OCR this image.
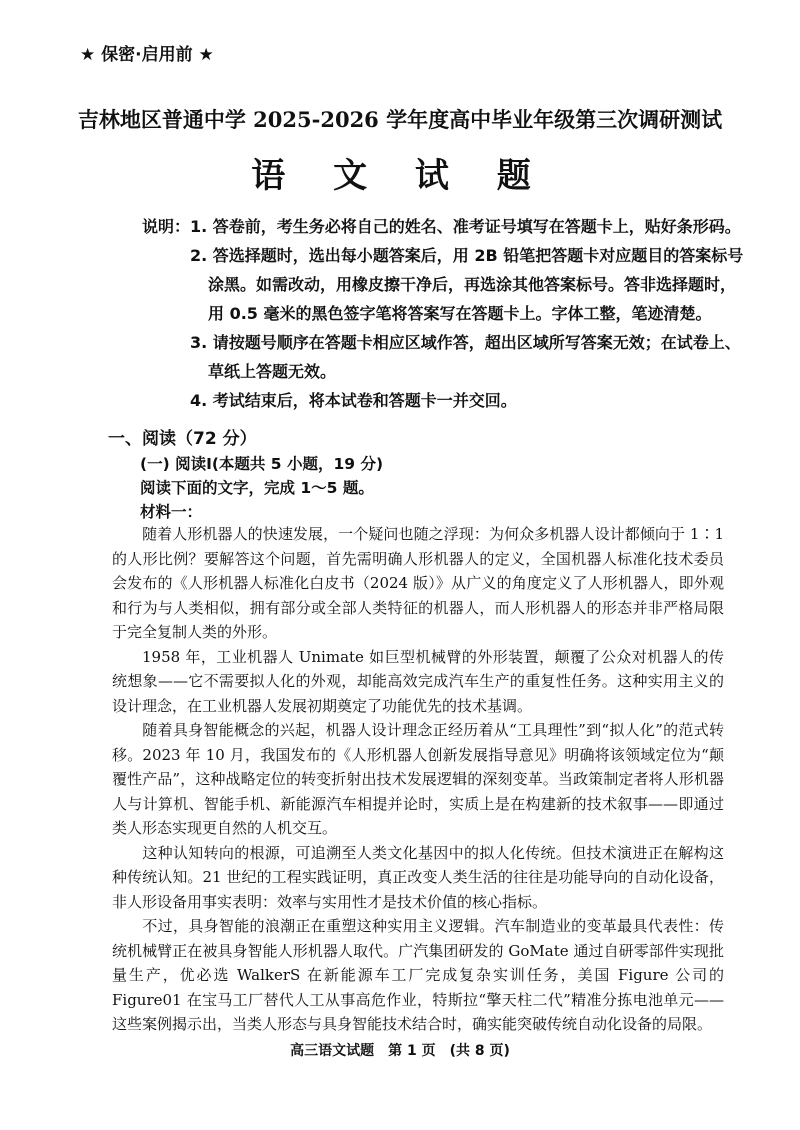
★ 保密·启用前 ★
吉林地区普通中学 2025-2026 学年度高中毕业年级第三次调研测试
语 文 试 题
说明：1. 答卷前，考生务必将自己的姓名、准考证号填写在答题卡上，贴好条形码。
2. 答选择题时，选出每小题答案后，用 2B 铅笔把答题卡对应题目的答案标号
涂黑。如需改动，用橡皮擦干净后，再选涂其他答案标号。答非选择题时，
用 0.5 毫米的黑色签字笔将答案写在答题卡上。字体工整，笔迹清楚。
3. 请按题号顺序在答题卡相应区域作答，超出区域所写答案无效；在试卷上、
草纸上答题无效。
4. 考试结束后，将本试卷和答题卡一并交回。
一、阅读（72 分）
(一) 阅读Ⅰ(本题共 5 小题，19 分)
阅读下面的文字，完成 1～5 题。
材料一：

随着人形机器人的快速发展，一个疑问也随之浮现：为何众多机器人设计都倾向于 1∶1 的人形比例？要解答这个问题，首先需明确人形机器人的定义，全国机器人标准化技术委员会发布的《人形机器人标准化白皮书（2024 版）》从广义的角度定义了人形机器人，即外观和行为与人类相似，拥有部分或全部人类特征的机器人，而人形机器人的形态并非严格局限于完全复制人类的外形。

1958 年，工业机器人 Unimate 如巨型机械臂的外形装置，颠覆了公众对机器人的传统想象——它不需要拟人化的外观，却能高效完成汽车生产的重复性任务。这种实用主义的设计理念，在工业机器人发展初期奠定了功能优先的技术基调。

随着具身智能概念的兴起，机器人设计理念正经历着从“工具理性”到“拟人化”的范式转移。2023 年 10 月，我国发布的《人形机器人创新发展指导意见》明确将该领域定位为“颠覆性产品”，这种战略定位的转变折射出技术发展逻辑的深刻变革。当政策制定者将人形机器人与计算机、智能手机、新能源汽车相提并论时，实质上是在构建新的技术叙事——即通过类人形态实现更自然的人机交互。

这种认知转向的根源，可追溯至人类文化基因中的拟人化传统。但技术演进正在解构这种传统认知。21 世纪的工程实践证明，真正改变人类生活的往往是功能导向的自动化设备，非人形设备用事实表明：效率与实用性才是技术价值的核心指标。

不过，具身智能的浪潮正在重塑这种实用主义逻辑。汽车制造业的变革最具代表性：传统机械臂正在被具身智能人形机器人取代。广汽集团研发的 GoMate 通过自研零部件实现批量生产，优必选 WalkerS 在新能源车工厂完成复杂实训任务，美国 Figure 公司的 Figure01 在宝马工厂替代人工从事高危作业，特斯拉“擎天柱二代”精准分拣电池单元——这些案例揭示出，当类人形态与具身智能技术结合时，确实能突破传统自动化设备的局限。

高三语文试题　第 1 页　(共 8 页)
